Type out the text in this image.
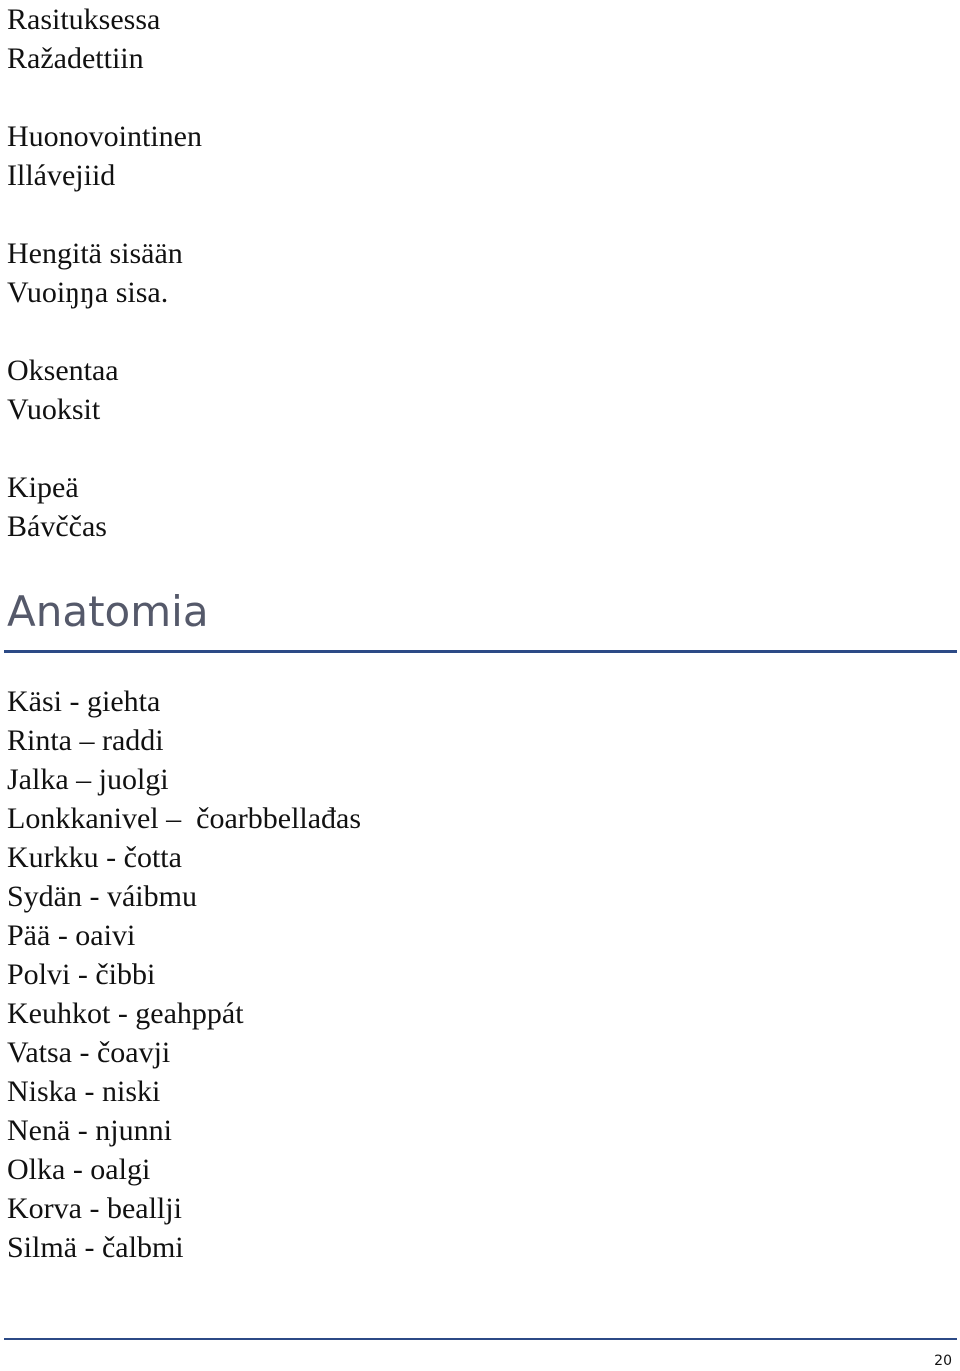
Rasituksessa
Ražadettiin
Huonovointinen
Illávejiid
Hengitä sisään
Vuoiŋŋa sisa.
Oksentaa
Vuoksit
Kipeä
Bávččas
Anatomia
Käsi - giehta
Rinta – raddi
Jalka – juolgi
Lonkkanivel –  čoarbbellađas
Kurkku - čotta
Sydän - váibmu
Pää - oaivi
Polvi - čibbi
Keuhkot - geahppát
Vatsa - čoavji
Niska - niski
Nenä - njunni
Olka - oalgi
Korva - beallji
Silmä - čalbmi
20
